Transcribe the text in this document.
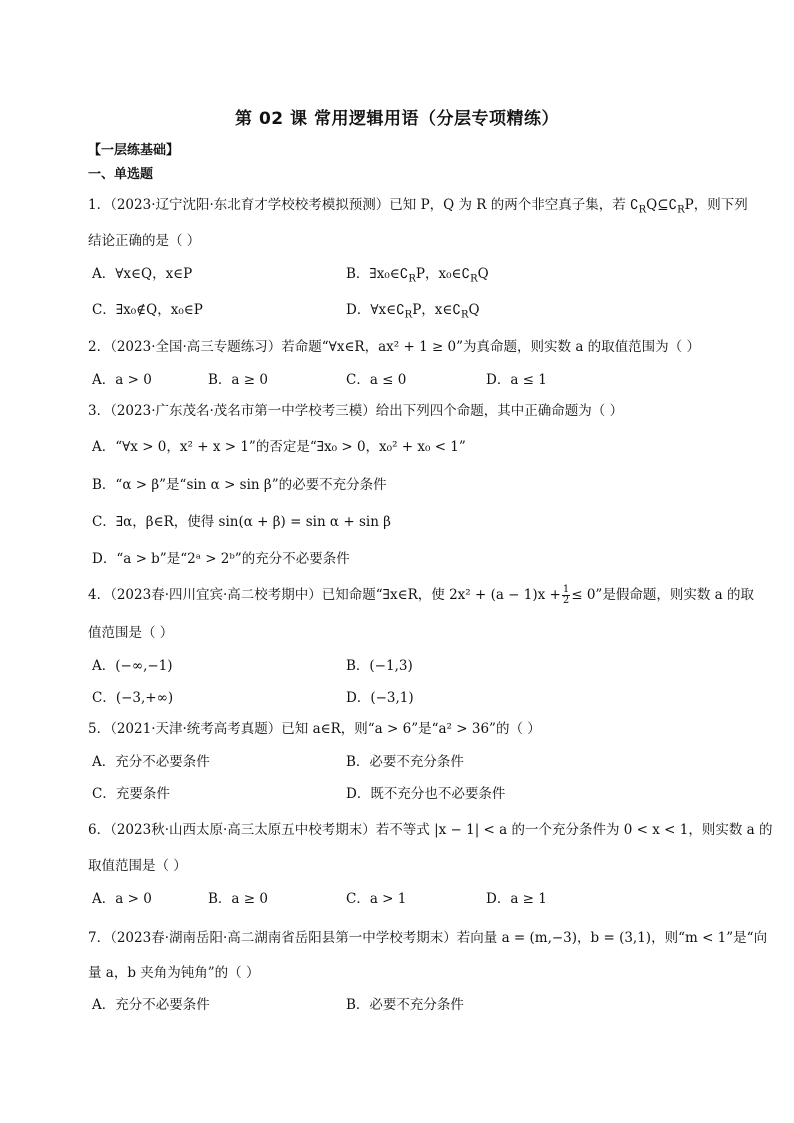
第 02 课 常用逻辑用语（分层专项精练）
【一层练基础】
一、单选题
1．（2023·辽宁沈阳·东北育才学校校考模拟预测）已知 P，Q 为 R 的两个非空真子集，若 $∁_RQ⊆∁_RP$，则下列
结论正确的是（ ）
A．∀x∈Q，x∈P	B．$\exists x_0\in∁_RP$，$x_0\in∁_RQ$
C．∃x₀∉Q，x₀∈P	D．$\forall x\in∁_RP$，$x\in∁_RQ$
2．（2023·全国·高三专题练习）若命题“∀x∈R，ax² + 1 ≥ 0”为真命题，则实数 a 的取值范围为（ ）
A．a > 0	B．a ≥ 0	C．a ≤ 0	D．a ≤ 1
3．（2023·广东茂名·茂名市第一中学校考三模）给出下列四个命题，其中正确命题为（ ）
A．“∀x > 0，x² + x > 1”的否定是“∃x₀ > 0，x₀² + x₀ < 1”
B．“α > β”是“sin α > sin β”的必要不充分条件
C．∃α，β∈R，使得 sin(α + β) = sin α + sin β
D．“a > b”是“2ᵃ > 2ᵇ”的充分不必要条件
4．（2023春·四川宜宾·高二校考期中）已知命题“∃x∈R，使 $2x^2 + (a - 1)x + \frac{1}{2} \le 0$”是假命题，则实数 a 的取
值范围是（ ）
A．(−∞,−1)	B．(−1,3)
C．(−3,+∞)	D．(−3,1)
5．（2021·天津·统考高考真题）已知 a∈R，则“a > 6”是“a² > 36”的（ ）
A．充分不必要条件	B．必要不充分条件
C．充要条件	D．既不充分也不必要条件
6．（2023秋·山西太原·高三太原五中校考期末）若不等式 |x − 1| < a 的一个充分条件为 0 < x < 1，则实数 a 的
取值范围是（ ）
A．a > 0	B．a ≥ 0	C．a > 1	D．a ≥ 1
7．（2023春·湖南岳阳·高二湖南省岳阳县第一中学校考期末）若向量 a = (m,−3)，b = (3,1)，则“m < 1”是“向
量 a，b 夹角为钝角”的（ ）
A．充分不必要条件	B．必要不充分条件
